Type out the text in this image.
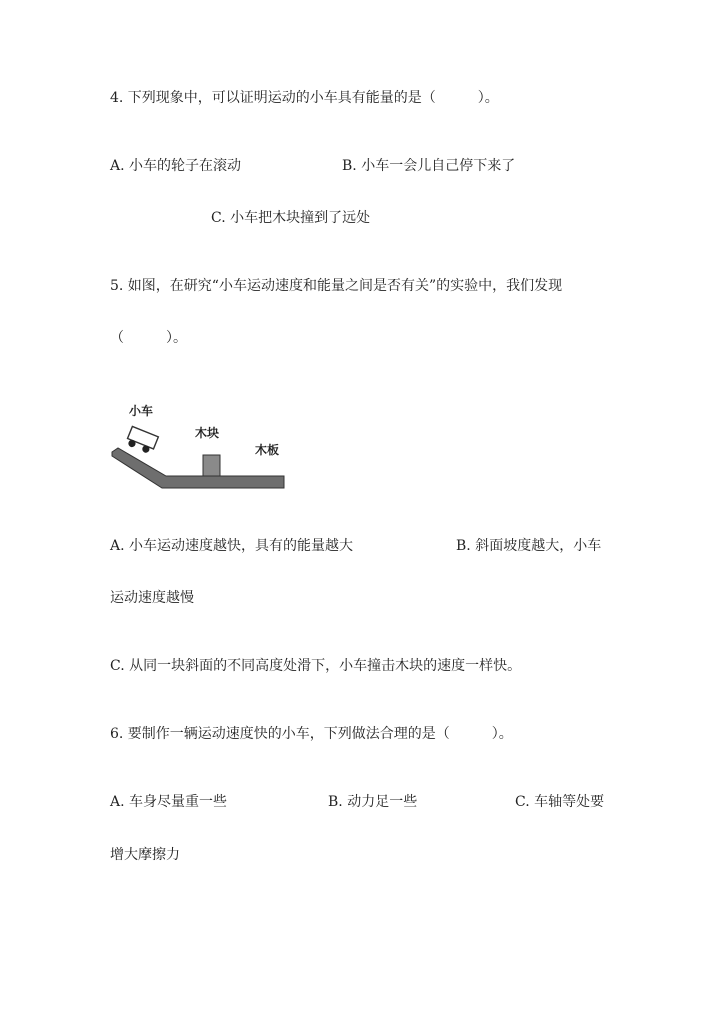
4. 下列现象中，可以证明运动的小车具有能量的是（　　　）。
A. 小车的轮子在滚动	B. 小车一会儿自己停下来了
C. 小车把木块撞到了远处
5. 如图，在研究“小车运动速度和能量之间是否有关”的实验中，我们发现
（　　　）。
小车
木块
木板
A. 小车运动速度越快，具有的能量越大	B. 斜面坡度越大，小车
运动速度越慢
C. 从同一块斜面的不同高度处滑下，小车撞击木块的速度一样快。
6. 要制作一辆运动速度快的小车，下列做法合理的是（　　　）。
A. 车身尽量重一些	B. 动力足一些	C. 车轴等处要
增大摩擦力
